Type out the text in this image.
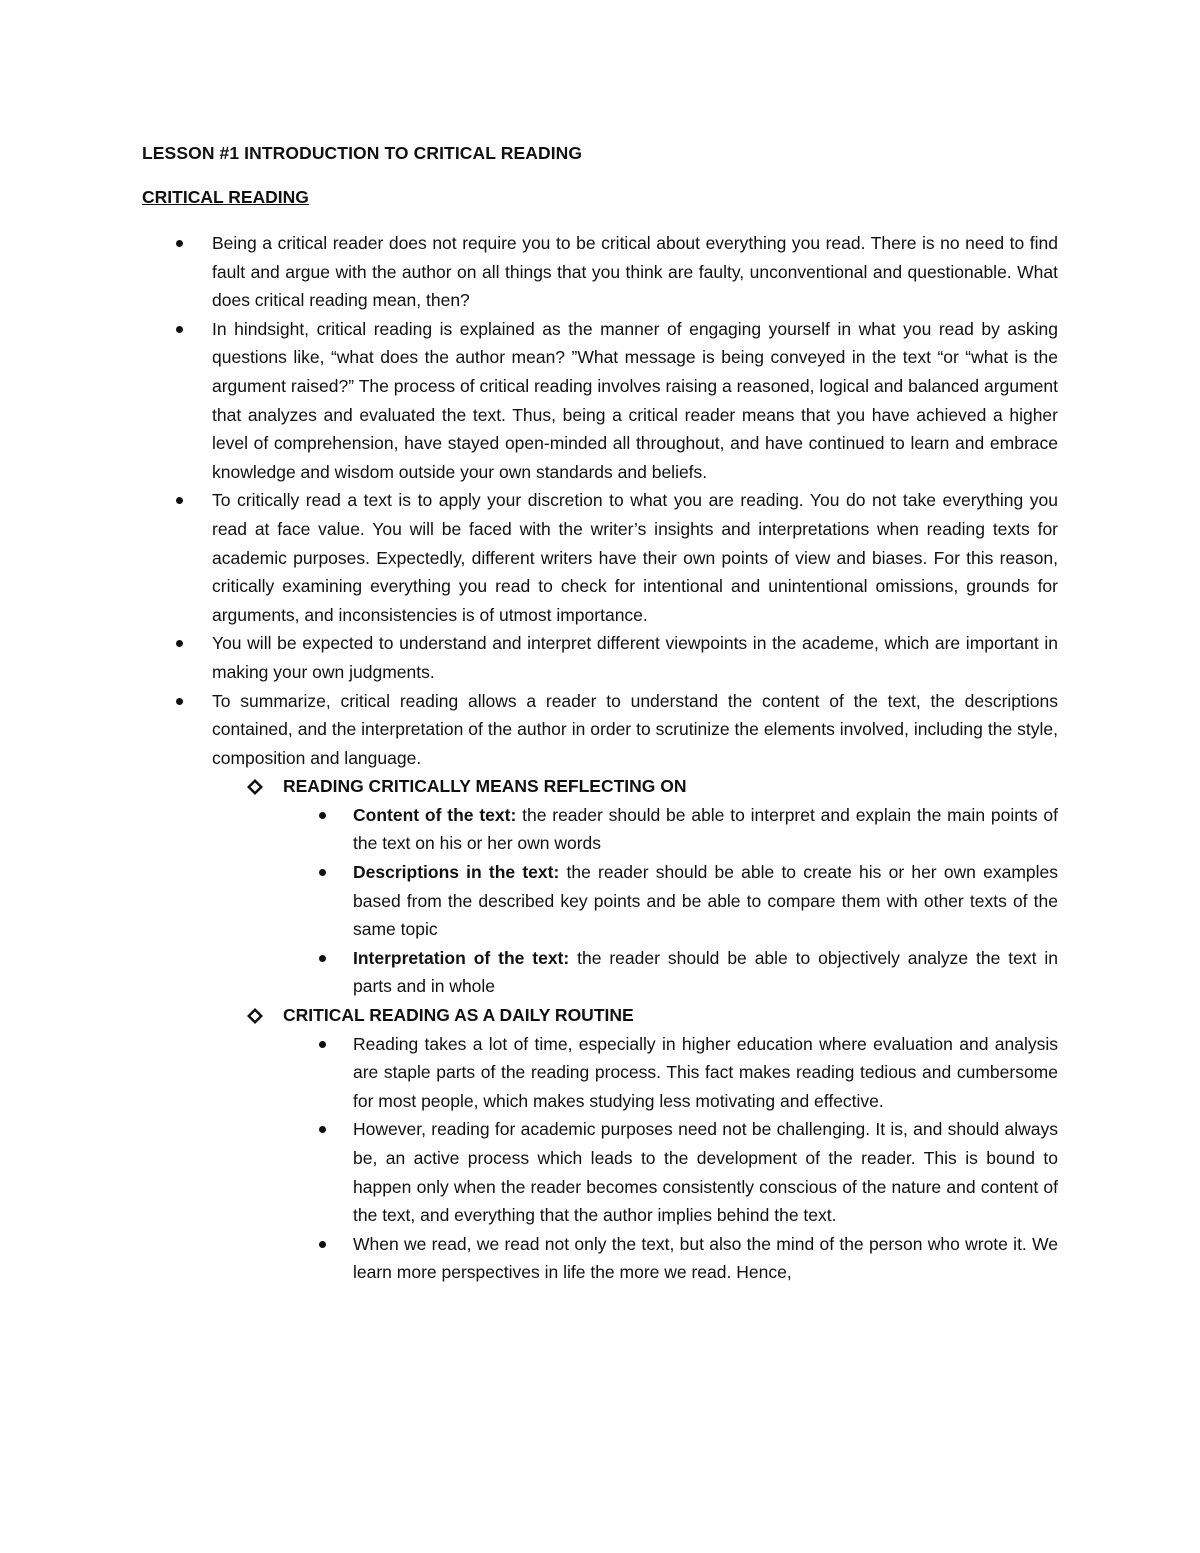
LESSON #1 INTRODUCTION TO CRITICAL READING
CRITICAL READING
Being a critical reader does not require you to be critical about everything you read. There is no need to find fault and argue with the author on all things that you think are faulty, unconventional and questionable. What does critical reading mean, then?
In hindsight, critical reading is explained as the manner of engaging yourself in what you read by asking questions like, “what does the author mean? ”What message is being conveyed in the text “or “what is the argument raised?” The process of critical reading involves raising a reasoned, logical and balanced argument that analyzes and evaluated the text. Thus, being a critical reader means that you have achieved a higher level of comprehension, have stayed open-minded all throughout, and have continued to learn and embrace knowledge and wisdom outside your own standards and beliefs.
To critically read a text is to apply your discretion to what you are reading. You do not take everything you read at face value. You will be faced with the writer’s insights and interpretations when reading texts for academic purposes. Expectedly, different writers have their own points of view and biases. For this reason, critically examining everything you read to check for intentional and unintentional omissions, grounds for arguments, and inconsistencies is of utmost importance.
You will be expected to understand and interpret different viewpoints in the academe, which are important in making your own judgments.
To summarize, critical reading allows a reader to understand the content of the text, the descriptions contained, and the interpretation of the author in order to scrutinize the elements involved, including the style, composition and language.
READING CRITICALLY MEANS REFLECTING ON
Content of the text: the reader should be able to interpret and explain the main points of the text on his or her own words
Descriptions in the text: the reader should be able to create his or her own examples based from the described key points and be able to compare them with other texts of the same topic
Interpretation of the text: the reader should be able to objectively analyze the text in parts and in whole
CRITICAL READING AS A DAILY ROUTINE
Reading takes a lot of time, especially in higher education where evaluation and analysis are staple parts of the reading process. This fact makes reading tedious and cumbersome for most people, which makes studying less motivating and effective.
However, reading for academic purposes need not be challenging. It is, and should always be, an active process which leads to the development of the reader. This is bound to happen only when the reader becomes consistently conscious of the nature and content of the text, and everything that the author implies behind the text.
When we read, we read not only the text, but also the mind of the person who wrote it. We learn more perspectives in life the more we read. Hence,
